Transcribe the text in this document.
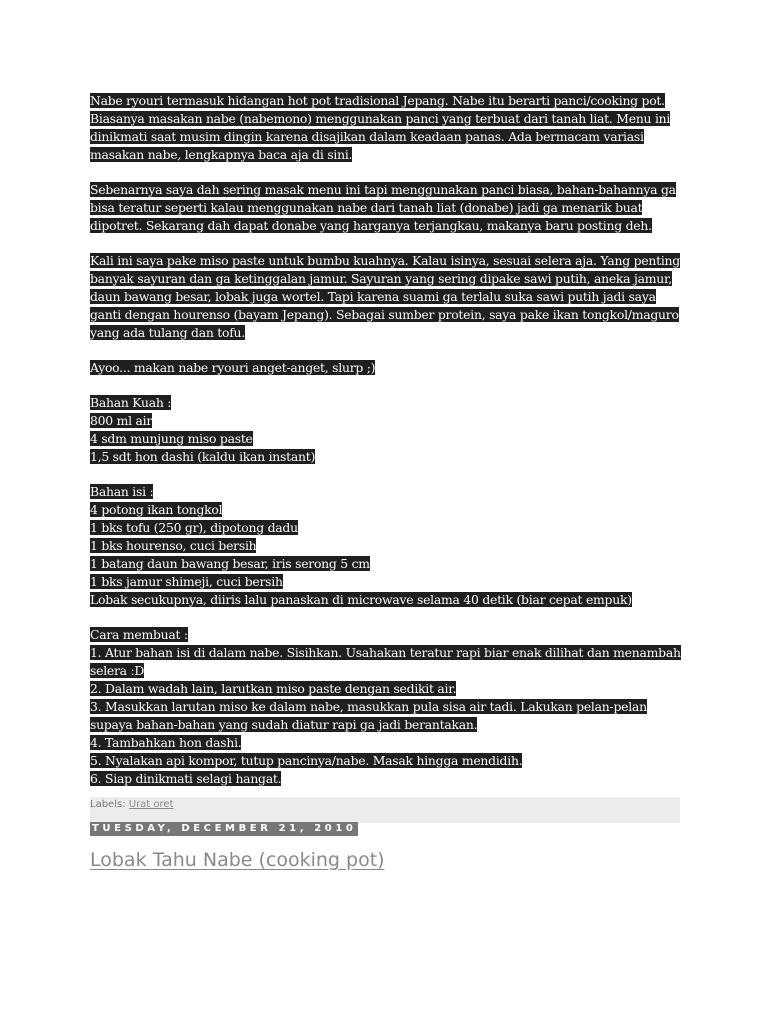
Nabe ryouri termasuk hidangan hot pot tradisional Jepang. Nabe itu berarti panci/cooking pot. Biasanya masakan nabe (nabemono) menggunakan panci yang terbuat dari tanah liat. Menu ini dinikmati saat musim dingin karena disajikan dalam keadaan panas. Ada bermacam variasi masakan nabe, lengkapnya baca aja di sini.

Sebenarnya saya dah sering masak menu ini tapi menggunakan panci biasa, bahan-bahannya ga bisa teratur seperti kalau menggunakan nabe dari tanah liat (donabe) jadi ga menarik buat dipotret. Sekarang dah dapat donabe yang harganya terjangkau, makanya baru posting deh.

Kali ini saya pake miso paste untuk bumbu kuahnya. Kalau isinya, sesuai selera aja. Yang penting banyak sayuran dan ga ketinggalan jamur. Sayuran yang sering dipake sawi putih, aneka jamur, daun bawang besar, lobak juga wortel. Tapi karena suami ga terlalu suka sawi putih jadi saya ganti dengan hourenso (bayam Jepang). Sebagai sumber protein, saya pake ikan tongkol/maguro yang ada tulang dan tofu.

Ayoo... makan nabe ryouri anget-anget, slurp ;)

Bahan Kuah :
800 ml air
4 sdm munjung miso paste
1,5 sdt hon dashi (kaldu ikan instant)
Bahan isi :
4 potong ikan tongkol
1 bks tofu (250 gr), dipotong dadu
1 bks hourenso, cuci bersih
1 batang daun bawang besar, iris serong 5 cm
1 bks jamur shimeji, cuci bersih
Lobak secukupnya, diiris lalu panaskan di microwave selama 40 detik (biar cepat empuk)
Cara membuat :
1. Atur bahan isi di dalam nabe. Sisihkan. Usahakan teratur rapi biar enak dilihat dan menambah selera :D
2. Dalam wadah lain, larutkan miso paste dengan sedikit air.
3. Masukkan larutan miso ke dalam nabe, masukkan pula sisa air tadi. Lakukan pelan-pelan supaya bahan-bahan yang sudah diatur rapi ga jadi berantakan.
4. Tambahkan hon dashi.
5. Nyalakan api kompor, tutup pancinya/nabe. Masak hingga mendidih.
6. Siap dinikmati selagi hangat.
Labels: Urat oret
TUESDAY, DECEMBER 21, 2010
Lobak Tahu Nabe (cooking pot)
